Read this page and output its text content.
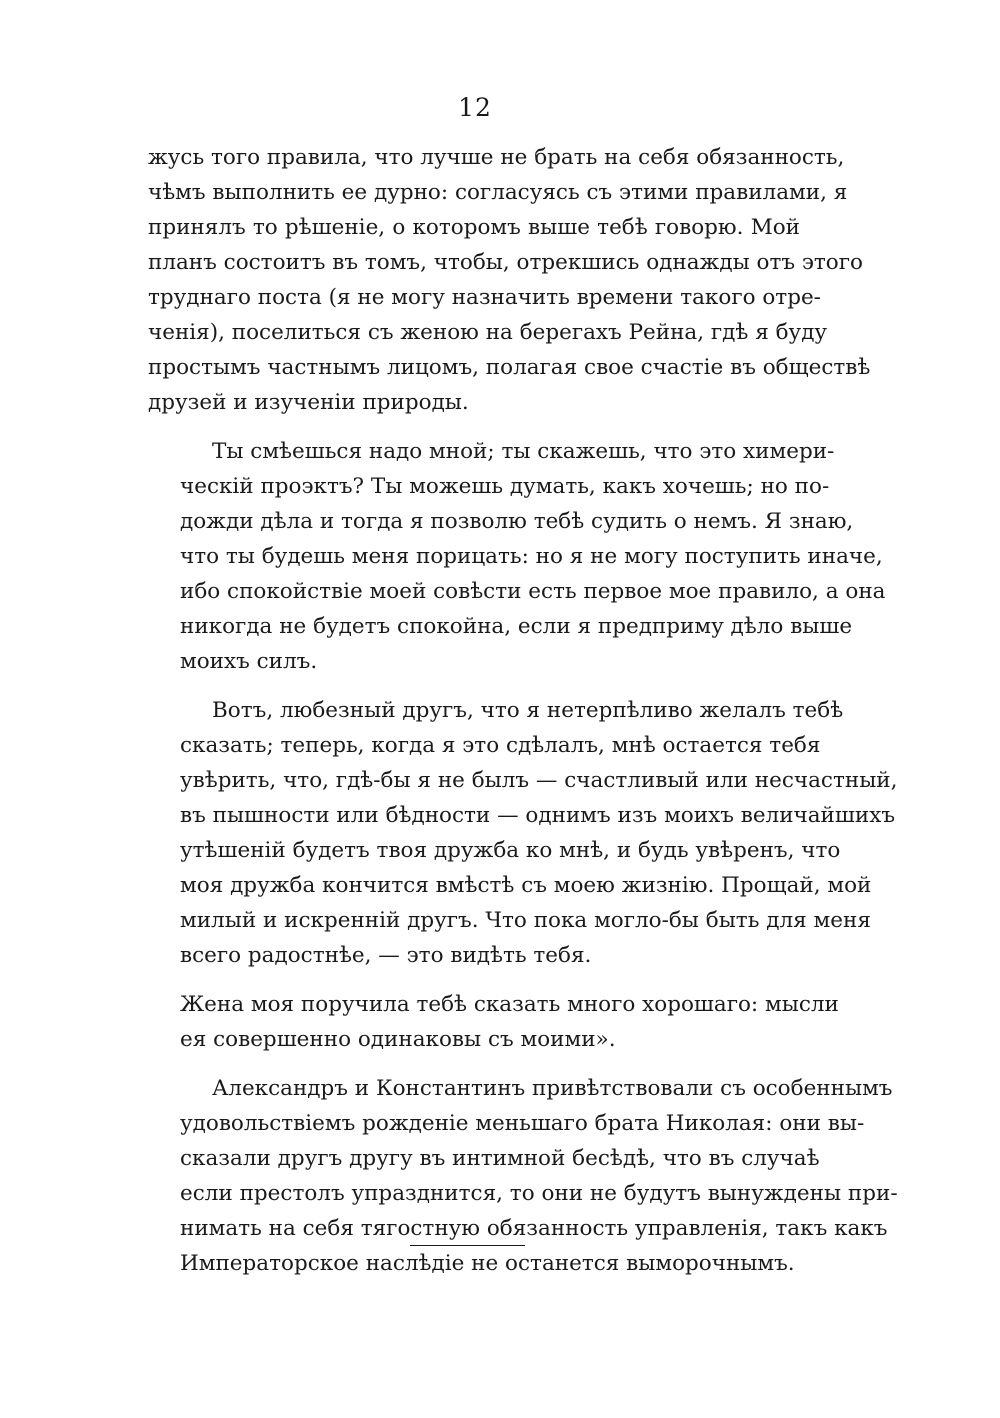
12

жусь того правила, что лучше не брать на себя обязанность,
чѣмъ выполнить ее дурно: согласуясь съ этими правилами, я
принялъ то рѣшеніе, о которомъ выше тебѣ говорю. Мой
планъ состоитъ въ томъ, чтобы, отрекшись однажды отъ этого
труднаго поста (я не могу назначить времени такого отре-
ченія), поселиться съ женою на берегахъ Рейна, гдѣ я буду
простымъ частнымъ лицомъ, полагая свое счастіе въ обществѣ
друзей и изученіи природы.

Ты смѣешься надо мной; ты скажешь, что это химери-
ческій проэктъ? Ты можешь думать, какъ хочешь; но по-
дожди дѣла и тогда я позволю тебѣ судить о немъ. Я знаю,
что ты будешь меня порицать: но я не могу поступить иначе,
ибо спокойствіе моей совѣсти есть первое мое правило, а она
никогда не будетъ спокойна, если я предприму дѣло выше
моихъ силъ.

Вотъ, любезный другъ, что я нетерпѣливо желалъ тебѣ
сказать; теперь, когда я это сдѣлалъ, мнѣ остается тебя
увѣрить, что, гдѣ-бы я не былъ — счастливый или несчастный,
въ пышности или бѣдности — однимъ изъ моихъ величайшихъ
утѣшеній будетъ твоя дружба ко мнѣ, и будь увѣренъ, что
моя дружба кончится вмѣстѣ съ моею жизнію. Прощай, мой
милый и искренній другъ. Что пока могло-бы быть для меня
всего радостнѣе, — это видѣть тебя.

Жена моя поручила тебѣ сказать много хорошаго: мысли
ея совершенно одинаковы съ моими».

Александръ и Константинъ привѣтствовали съ особеннымъ
удовольствіемъ рожденіе меньшаго брата Николая: они вы-
сказали другъ другу въ интимной бесѣдѣ, что въ случаѣ
если престолъ упразднится, то они не будутъ вынуждены при-
нимать на себя тягостную обязанность управленія, такъ какъ
Императорское наслѣдіе не останется выморочнымъ.
